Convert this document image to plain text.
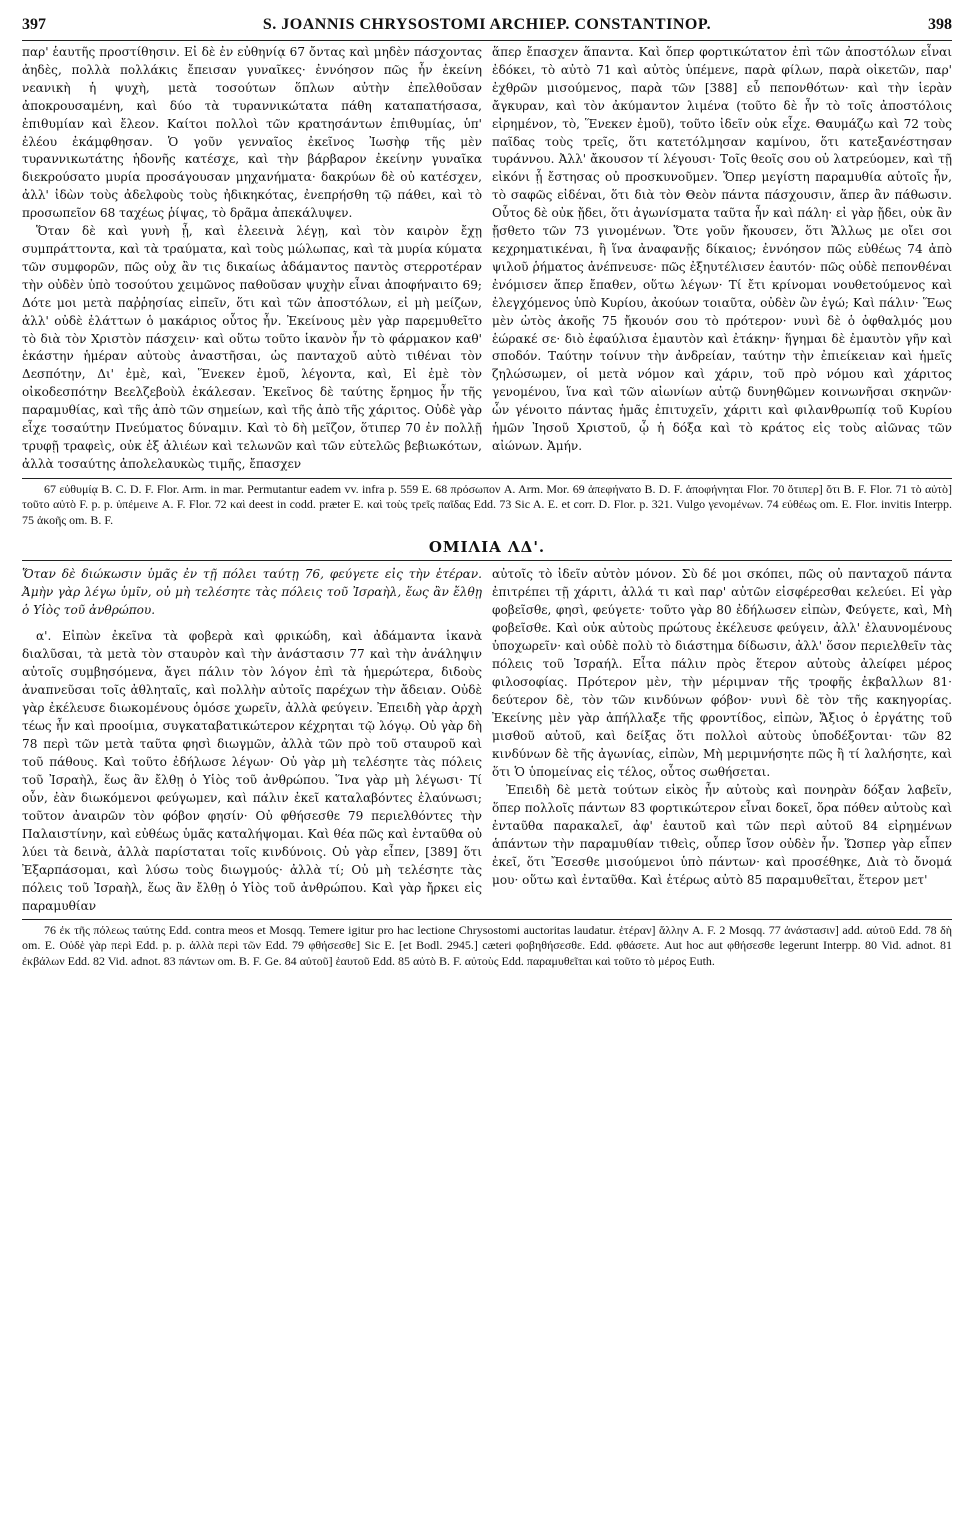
397	S. JOANNIS CHRYSOSTOMI ARCHIEP. CONSTANTINOP.	398

παρ' ἑαυτῆς προστίθησιν. Εἰ δὲ ἐν εὐθηνίᾳ 67 ὄντας καὶ μηδὲν πάσχοντας ἀηδὲς, πολλὰ πολλάκις ἔπεισαν γυναῖκες· ἐννόησον πῶς ἦν ἐκείνη νεανικὴ ἡ ψυχὴ, μετὰ τοσούτων ὅπλων αὐτὴν ἐπελθοῦσαν ἀποκρουσαμένη, καὶ δύο τὰ τυραννικώτατα πάθη καταπατήσασα, ἐπιθυμίαν καὶ ἔλεον. Καίτοι πολλοὶ τῶν κρατησάντων ἐπιθυμίας, ὑπ' ἐλέου ἐκάμφθησαν. Ὁ γοῦν γενναῖος ἐκεῖνος Ἰωσὴφ τῆς μὲν τυραννικωτάτης ἡδονῆς κατέσχε, καὶ τὴν βάρβαρον ἐκείνην γυναῖκα διεκρούσατο μυρία προσάγουσαν μηχανήματα· δακρύων δὲ οὐ κατέσχεν, ἀλλ' ἰδὼν τοὺς ἀδελφοὺς τοὺς ἠδικηκότας, ἐνεπρήσθη τῷ πάθει, καὶ τὸ προσωπεῖον 68 ταχέως ῥίψας, τὸ δρᾶμα ἀπεκάλυψεν.

Ὅταν δὲ καὶ γυνὴ ᾖ, καὶ ἐλεεινὰ λέγῃ, καὶ τὸν καιρὸν ἔχῃ συμπράττοντα, καὶ τὰ τραύματα, καὶ τοὺς μώλωπας, καὶ τὰ μυρία κύματα τῶν συμφορῶν, πῶς οὐχ ἂν τις δικαίως ἀδάμαντος παντὸς στερροτέραν τὴν οὐδὲν ὑπὸ τοσούτου χειμῶνος παθοῦσαν ψυχὴν εἶναι ἀποφήναιτο 69; Δότε μοι μετὰ παῤῥησίας εἰπεῖν, ὅτι καὶ τῶν ἀποστόλων, εἰ μὴ μείζων, ἀλλ' οὐδὲ ἐλάττων ὁ μακάριος οὗτος ἦν. Ἐκείνους μὲν γὰρ παρεμυθεῖτο τὸ διὰ τὸν Χριστὸν πάσχειν· καὶ οὕτω τοῦτο ἱκανὸν ἦν τὸ φάρμακον καθ' ἑκάστην ἡμέραν αὐτοὺς ἀναστῆσαι, ὡς πανταχοῦ αὐτὸ τιθέναι τὸν Δεσπότην, Δι' ἐμὲ, καὶ, Ἕνεκεν ἐμοῦ, λέγοντα, καὶ, Εἰ ἐμὲ τὸν οἰκοδεσπότην Βεελζεβοὺλ ἐκάλεσαν. Ἐκεῖνος δὲ ταύτης ἔρημος ἦν τῆς παραμυθίας, καὶ τῆς ἀπὸ τῶν σημείων, καὶ τῆς ἀπὸ τῆς χάριτος. Οὐδὲ γὰρ εἶχε τοσαύτην Πνεύματος δύναμιν. Καὶ τὸ δὴ μεῖζον, ὅτιπερ 70 ἐν πολλῇ τρυφῇ τραφεὶς, οὐκ ἐξ ἁλιέων καὶ τελωνῶν καὶ τῶν εὐτελῶς βεβιωκότων, ἀλλὰ τοσαύτης ἀπολελαυκὼς τιμῆς, ἔπασχεν

ἅπερ ἔπασχεν ἅπαντα. Καὶ ὅπερ φορτικώτατον ἐπὶ τῶν ἀποστόλων εἶναι ἐδόκει, τὸ αὐτὸ 71 καὶ αὐτὸς ὑπέμενε, παρὰ φίλων, παρὰ οἰκετῶν, παρ' ἐχθρῶν μισούμενος, παρὰ τῶν [388] εὖ πεπονθότων· καὶ τὴν ἱερὰν ἄγκυραν, καὶ τὸν ἀκύμαντον λιμένα (τοῦτο δὲ ἦν τὸ τοῖς ἀποστόλοις εἰρημένον, τὸ, Ἕνεκεν ἐμοῦ), τοῦτο ἰδεῖν οὐκ εἶχε. Θαυμάζω καὶ 72 τοὺς παῖδας τοὺς τρεῖς, ὅτι κατετόλμησαν καμίνου, ὅτι κατεξανέστησαν τυράννου. Ἀλλ' ἄκουσον τί λέγουσι· Τοῖς θεοῖς σου οὐ λατρεύομεν, καὶ τῇ εἰκόνι ᾗ ἔστησας οὐ προσκυνοῦμεν. Ὅπερ μεγίστη παραμυθία αὐτοῖς ἦν, τὸ σαφῶς εἰδέναι, ὅτι διὰ τὸν Θεὸν πάντα πάσχουσιν, ἅπερ ἂν πάθωσιν. Οὗτος δὲ οὐκ ᾔδει, ὅτι ἀγωνίσματα ταῦτα ἦν καὶ πάλη· εἰ γὰρ ᾔδει, οὐκ ἂν ᾔσθετο τῶν 73 γινομένων. Ὅτε γοῦν ἤκουσεν, ὅτι Ἄλλως με οἴει σοι κεχρηματικέναι, ἢ ἵνα ἀναφανῇς δίκαιος; ἐννόησον πῶς εὐθέως 74 ἀπὸ ψιλοῦ ῥήματος ἀνέπνευσε· πῶς ἐξηυτέλισεν ἑαυτόν· πῶς οὐδὲ πεπονθέναι ἐνόμισεν ἅπερ ἔπαθεν, οὕτω λέγων· Τί ἔτι κρίνομαι νουθετούμενος καὶ ἐλεγχόμενος ὑπὸ Κυρίου, ἀκούων τοιαῦτα, οὐδὲν ὢν ἐγώ; Καὶ πάλιν· Ἕως μὲν ὠτὸς ἀκοῆς 75 ἤκουόν σου τὸ πρότερον· νυνὶ δὲ ὁ ὀφθαλμός μου ἑώρακέ σε· διὸ ἐφαύλισα ἐμαυτὸν καὶ ἐτάκην· ἥγημαι δὲ ἐμαυτὸν γῆν καὶ σποδόν. Ταύτην τοίνυν τὴν ἀνδρείαν, ταύτην τὴν ἐπιείκειαν καὶ ἡμεῖς ζηλώσωμεν, οἱ μετὰ νόμον καὶ χάριν, τοῦ πρὸ νόμου καὶ χάριτος γενομένου, ἵνα καὶ τῶν αἰωνίων αὐτῷ δυνηθῶμεν κοινωνῆσαι σκηνῶν· ὧν γένοιτο πάντας ἡμᾶς ἐπιτυχεῖν, χάριτι καὶ φιλανθρωπίᾳ τοῦ Κυρίου ἡμῶν Ἰησοῦ Χριστοῦ, ᾧ ἡ δόξα καὶ τὸ κράτος εἰς τοὺς αἰῶνας τῶν αἰώνων. Ἀμήν.

67 εὐθυμίᾳ B. C. D. F. Flor. Arm. in mar. Permutantur eadem vv. infra p. 559 E. 68 πρόσωπον A. Arm. Mor. 69 ἀπεφήνατο B. D. F. ἀποφήνηται Flor. 70 ὅτιπερ] ὅτι B. F. Flor. 71 τὸ αὐτὸ] τοῦτο αὐτὸ F. p. p. ὑπέμεινε A. F. Flor. 72 καὶ deest in codd. præter E. καὶ τοὺς τρεῖς παῖδας Edd. 73 Sic A. E. et corr. D. Flor. p. 321. Vulgo γενομένων. 74 εὐθέως om. E. Flor. invitis Interpp. 75 ἀκοῆς om. B. F.

ΟΜΙΛΙΑ ΛΔ'.

Ὅταν δὲ διώκωσιν ὑμᾶς ἐν τῇ πόλει ταύτῃ 76, φεύγετε εἰς τὴν ἑτέραν. Ἀμὴν γὰρ λέγω ὑμῖν, οὐ μὴ τελέσητε τὰς πόλεις τοῦ Ἰσραὴλ, ἕως ἂν ἔλθῃ ὁ Υἱὸς τοῦ ἀνθρώπου.

α'. Εἰπὼν ἐκεῖνα τὰ φοβερὰ καὶ φρικώδη, καὶ ἀδάμαντα ἱκανὰ διαλῦσαι, τὰ μετὰ τὸν σταυρὸν καὶ τὴν ἀνάστασιν 77 καὶ τὴν ἀνάληψιν αὐτοῖς συμβησόμενα, ἄγει πάλιν τὸν λόγον ἐπὶ τὰ ἡμερώτερα, διδοὺς ἀναπνεῦσαι τοῖς ἀθληταῖς, καὶ πολλὴν αὐτοῖς παρέχων τὴν ἄδειαν. Οὐδὲ γὰρ ἐκέλευσε διωκομένους ὁμόσε χωρεῖν, ἀλλὰ φεύγειν. Ἐπειδὴ γὰρ ἀρχὴ τέως ἦν καὶ προοίμια, συγκαταβατικώτερον κέχρηται τῷ λόγῳ. Οὐ γὰρ δὴ 78 περὶ τῶν μετὰ ταῦτα φησὶ διωγμῶν, ἀλλὰ τῶν πρὸ τοῦ σταυροῦ καὶ τοῦ πάθους. Καὶ τοῦτο ἐδήλωσε λέγων· Οὐ γὰρ μὴ τελέσητε τὰς πόλεις τοῦ Ἰσραὴλ, ἕως ἂν ἔλθῃ ὁ Υἱὸς τοῦ ἀνθρώπου. Ἵνα γὰρ μὴ λέγωσι· Τί οὖν, ἐὰν διωκόμενοι φεύγωμεν, καὶ πάλιν ἐκεῖ καταλαβόντες ἐλαύνωσι; τοῦτον ἀναιρῶν τὸν φόβον φησίν· Οὐ φθήσεσθε 79 περιελθόντες τὴν Παλαιστίνην, καὶ εὐθέως ὑμᾶς καταλήψομαι. Καὶ θέα πῶς καὶ ἐνταῦθα οὐ λύει τὰ δεινὰ, ἀλλὰ παρίσταται τοῖς κινδύνοις. Οὐ γὰρ εἶπεν, [389] ὅτι Ἐξαρπάσομαι, καὶ λύσω τοὺς διωγμούς· ἀλλὰ τί; Οὐ μὴ τελέσητε τὰς πόλεις τοῦ Ἰσραὴλ, ἕως ἂν ἔλθῃ ὁ Υἱὸς τοῦ ἀνθρώπου. Καὶ γὰρ ἤρκει εἰς παραμυθίαν

αὐτοῖς τὸ ἰδεῖν αὐτὸν μόνον. Σὺ δέ μοι σκόπει, πῶς οὐ πανταχοῦ πάντα ἐπιτρέπει τῇ χάριτι, ἀλλά τι καὶ παρ' αὐτῶν εἰσφέρεσθαι κελεύει. Εἰ γὰρ φοβεῖσθε, φησὶ, φεύγετε· τοῦτο γὰρ 80 ἐδήλωσεν εἰπὼν, Φεύγετε, καὶ, Μὴ φοβεῖσθε. Καὶ οὐκ αὐτοὺς πρώτους ἐκέλευσε φεύγειν, ἀλλ' ἐλαυνομένους ὑποχωρεῖν· καὶ οὐδὲ πολὺ τὸ διάστημα δίδωσιν, ἀλλ' ὅσον περιελθεῖν τὰς πόλεις τοῦ Ἰσραήλ. Εἶτα πάλιν πρὸς ἕτερον αὐτοὺς ἀλείφει μέρος φιλοσοφίας. Πρότερον μὲν, τὴν μέριμναν τῆς τροφῆς ἐκβαλλων 81· δεύτερον δὲ, τὸν τῶν κινδύνων φόβον· νυνὶ δὲ τὸν τῆς κακηγορίας. Ἐκείνης μὲν γὰρ ἀπήλλαξε τῆς φροντίδος, εἰπὼν, Ἄξιος ὁ ἐργάτης τοῦ μισθοῦ αὐτοῦ, καὶ δείξας ὅτι πολλοὶ αὐτοὺς ὑποδέξονται· τῶν 82 κινδύνων δὲ τῆς ἀγωνίας, εἰπὼν, Μὴ μεριμνήσητε πῶς ἢ τί λαλήσητε, καὶ ὅτι Ὁ ὑπομείνας εἰς τέλος, οὗτος σωθήσεται.

Ἐπειδὴ δὲ μετὰ τούτων εἰκὸς ἦν αὐτοὺς καὶ πονηρὰν δόξαν λαβεῖν, ὅπερ πολλοῖς πάντων 83 φορτικώτερον εἶναι δοκεῖ, ὅρα πόθεν αὐτοὺς καὶ ἐνταῦθα παρακαλεῖ, ἀφ' ἑαυτοῦ καὶ τῶν περὶ αὐτοῦ 84 εἰρημένων ἁπάντων τὴν παραμυθίαν τιθεὶς, οὗπερ ἴσον οὐδὲν ἦν. Ὥσπερ γὰρ εἶπεν ἐκεῖ, ὅτι Ἔσεσθε μισούμενοι ὑπὸ πάντων· καὶ προσέθηκε, Διὰ τὸ ὄνομά μου· οὕτω καὶ ἐνταῦθα. Καὶ ἑτέρως αὐτὸ 85 παραμυθεῖται, ἕτερον μετ'

76 ἐκ τῆς πόλεως ταύτης Edd. contra meos et Mosqq. Temere igitur pro hac lectione Chrysostomi auctoritas laudatur. ἑτέραν] ἄλλην A. F. 2 Mosqq. 77 ἀνάστασιν] add. αὐτοῦ Edd. 78 δὴ om. E. Οὐδὲ γὰρ περὶ Edd. p. p. ἀλλὰ περὶ τῶν Edd. 79 φθήσεσθε] Sic E. [et Bodl. 2945.] cæteri φοβηθήσεσθε. Edd. φθάσετε. Aut hoc aut φθήσεσθε legerunt Interpp. 80 Vid. adnot. 81 ἐκβάλων Edd. 82 Vid. adnot. 83 πάντων om. B. F. Ge. 84 αὐτοῦ] ἑαυτοῦ Edd. 85 αὐτὸ B. F. αὐτοὺς Edd. παραμυθεῖται καὶ τοῦτο τὸ μέρος Euth.
